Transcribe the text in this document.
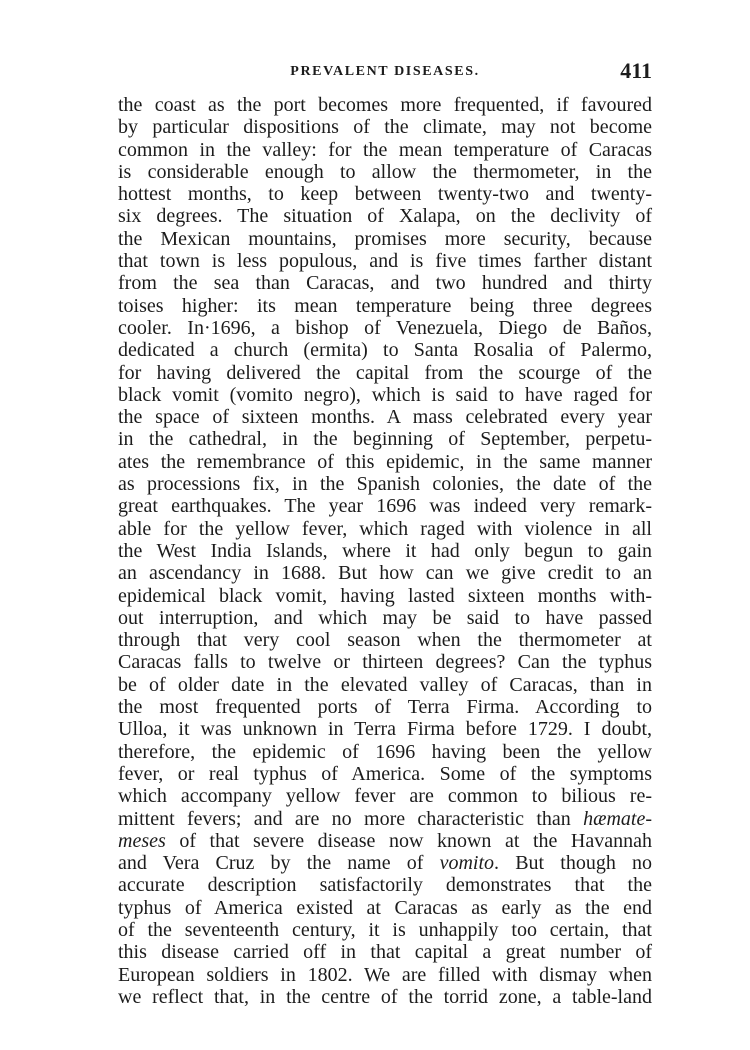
PREVALENT DISEASES.	411
the coast as the port becomes more frequented, if favoured
by particular dispositions of the climate, may not become
common in the valley: for the mean temperature of Caracas
is considerable enough to allow the thermometer, in the
hottest months, to keep between twenty-two and twenty-
six degrees. The situation of Xalapa, on the declivity of
the Mexican mountains, promises more security, because
that town is less populous, and is five times farther distant
from the sea than Caracas, and two hundred and thirty
toises higher: its mean temperature being three degrees
cooler. In·1696, a bishop of Venezuela, Diego de Baños,
dedicated a church (ermita) to Santa Rosalia of Palermo,
for having delivered the capital from the scourge of the
black vomit (vomito negro), which is said to have raged for
the space of sixteen months. A mass celebrated every year
in the cathedral, in the beginning of September, perpetu-
ates the remembrance of this epidemic, in the same manner
as processions fix, in the Spanish colonies, the date of the
great earthquakes. The year 1696 was indeed very remark-
able for the yellow fever, which raged with violence in all
the West India Islands, where it had only begun to gain
an ascendancy in 1688. But how can we give credit to an
epidemical black vomit, having lasted sixteen months with-
out interruption, and which may be said to have passed
through that very cool season when the thermometer at
Caracas falls to twelve or thirteen degrees? Can the typhus
be of older date in the elevated valley of Caracas, than in
the most frequented ports of Terra Firma. According to
Ulloa, it was unknown in Terra Firma before 1729. I doubt,
therefore, the epidemic of 1696 having been the yellow
fever, or real typhus of America. Some of the symptoms
which accompany yellow fever are common to bilious re-
mittent fevers; and are no more characteristic than hæmate-
meses of that severe disease now known at the Havannah
and Vera Cruz by the name of vomito. But though no
accurate description satisfactorily demonstrates that the
typhus of America existed at Caracas as early as the end
of the seventeenth century, it is unhappily too certain, that
this disease carried off in that capital a great number of
European soldiers in 1802. We are filled with dismay when
we reflect that, in the centre of the torrid zone, a table-land
